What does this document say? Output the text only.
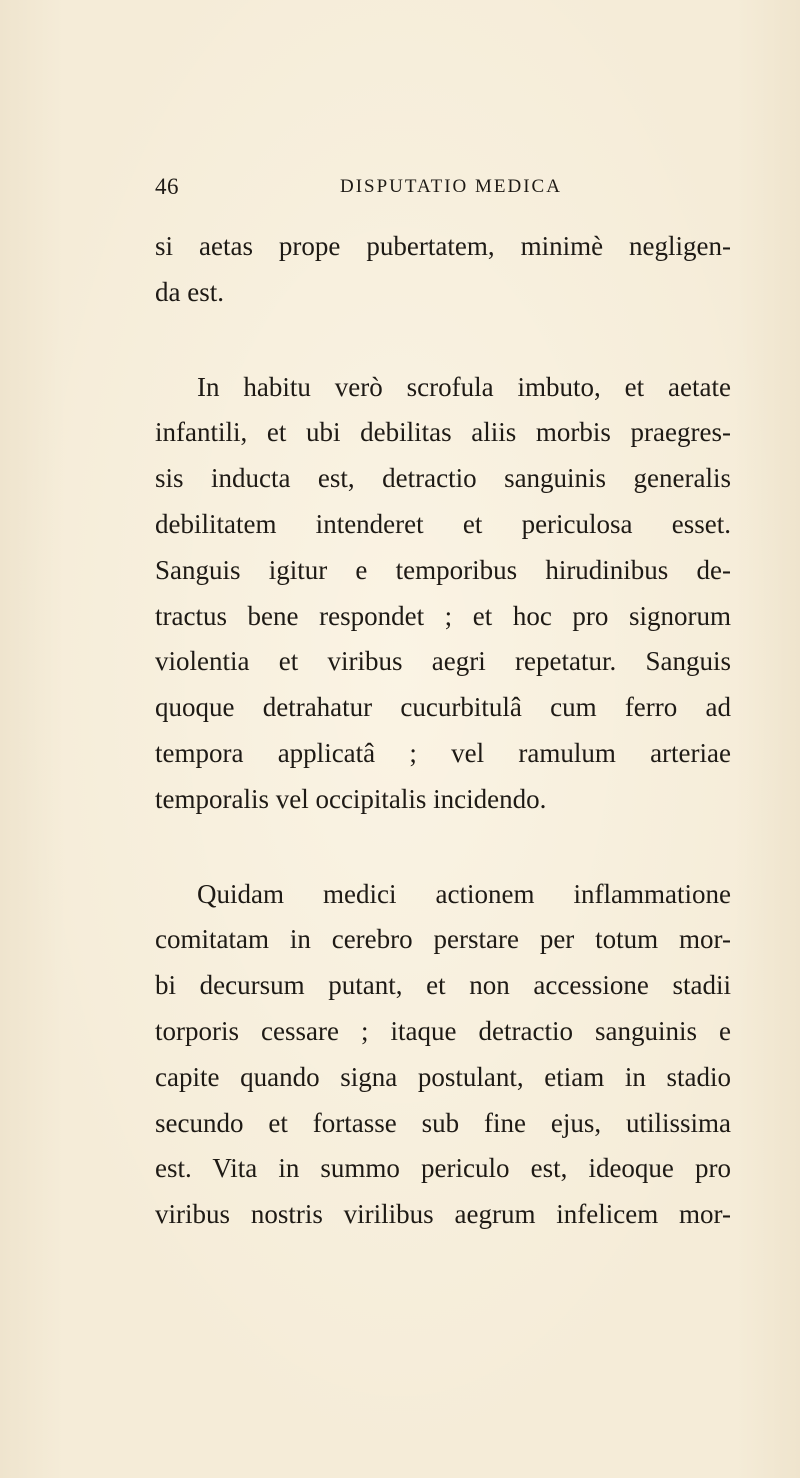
46	DISPUTATIO MEDICA

si aetas prope pubertatem, minimè negligen-
da est.

In habitu verò scrofula imbuto, et aetate
infantili, et ubi debilitas aliis morbis praegres-
sis inducta est, detractio sanguinis generalis
debilitatem intenderet et periculosa esset.
Sanguis igitur e temporibus hirudinibus de-
tractus bene respondet ; et hoc pro signorum
violentia et viribus aegri repetatur. Sanguis
quoque detrahatur cucurbitulâ cum ferro ad
tempora applicatâ ; vel ramulum arteriae
temporalis vel occipitalis incidendo.

Quidam medici actionem inflammatione
comitatam in cerebro perstare per totum mor-
bi decursum putant, et non accessione stadii
torporis cessare ; itaque detractio sanguinis e
capite quando signa postulant, etiam in stadio
secundo et fortasse sub fine ejus, utilissima
est. Vita in summo periculo est, ideoque pro
viribus nostris virilibus aegrum infelicem mor-
